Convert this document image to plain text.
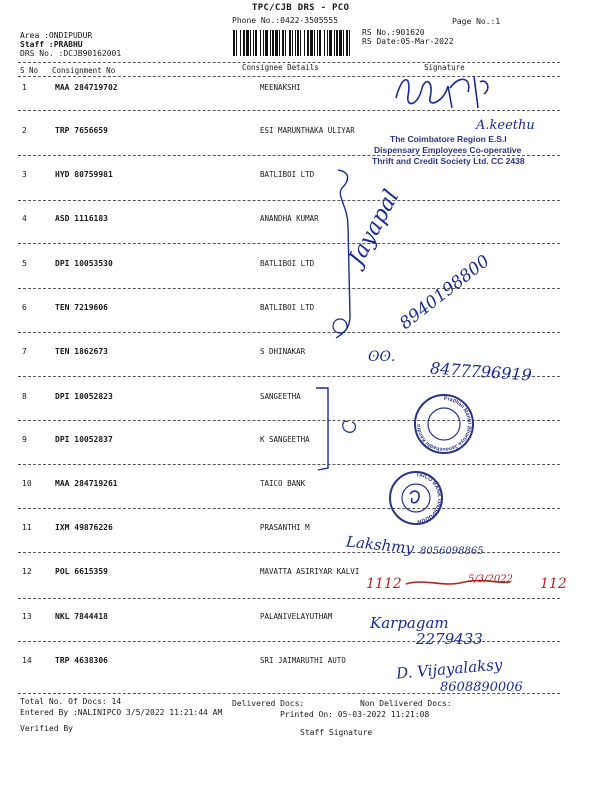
TPC/CJB DRS - PCO
Phone No.:0422-3505555	Page No.:1
RS No.:901620
RS Date:05-Mar-2022
Area :ONDIPUDUR
Staff :PRABHU
DRS No. :DCJB90162001
S No Consignment No	Consignee Details	Signature
1	MAA 284719702	MEENAKSHI
2	TRP 7656659	ESI MARUNTHAKA ULIYAR
3	HYD 80759981	BATLIBOI LTD
4	ASD 1116183	ANANDHA KUMAR
5	DPI 10053530	BATLIBOI LTD
6	TEN 7219606	BATLIBOI LTD
7	TEN 1862673	S DHINAKAR
8	DPI 10052823	SANGEETHA
9	DPI 10052837	K SANGEETHA
10	MAA 284719261	TAICO BANK
11	IXM 49876226	PRASANTHI M
12	POL 6615359	MAVATTA ASIRIYAR KALVI
13	NKL 7844418	PALANIVELAYUTHAM
14	TRP 4638306	SRI JAIMARUTHI AUTO
Total No. Of Docs: 14	Delivered Docs:	Non Delivered Docs:
Entered By :NALINIPCO 3/5/2022 11:21:44 AM	Printed On: 05-03-2022 11:21:08
Verified By	Staff Signature
A.keethu
The Coimbatore Region E.S.I
Dispensary Employees Co-operative
Thrift and Credit Society Ltd. CC 2438
Jayapal
8940198800
ʘʘ.
8477796919
Pradhan Mantri Bhartiya Janaushadhi Kendra
TAICO BANK ONDIPUDUR
Lakshmy 8056098865
1112	5/3/2022 112
Karpagam
2279433
D. Vijayalaksy
8608890006
